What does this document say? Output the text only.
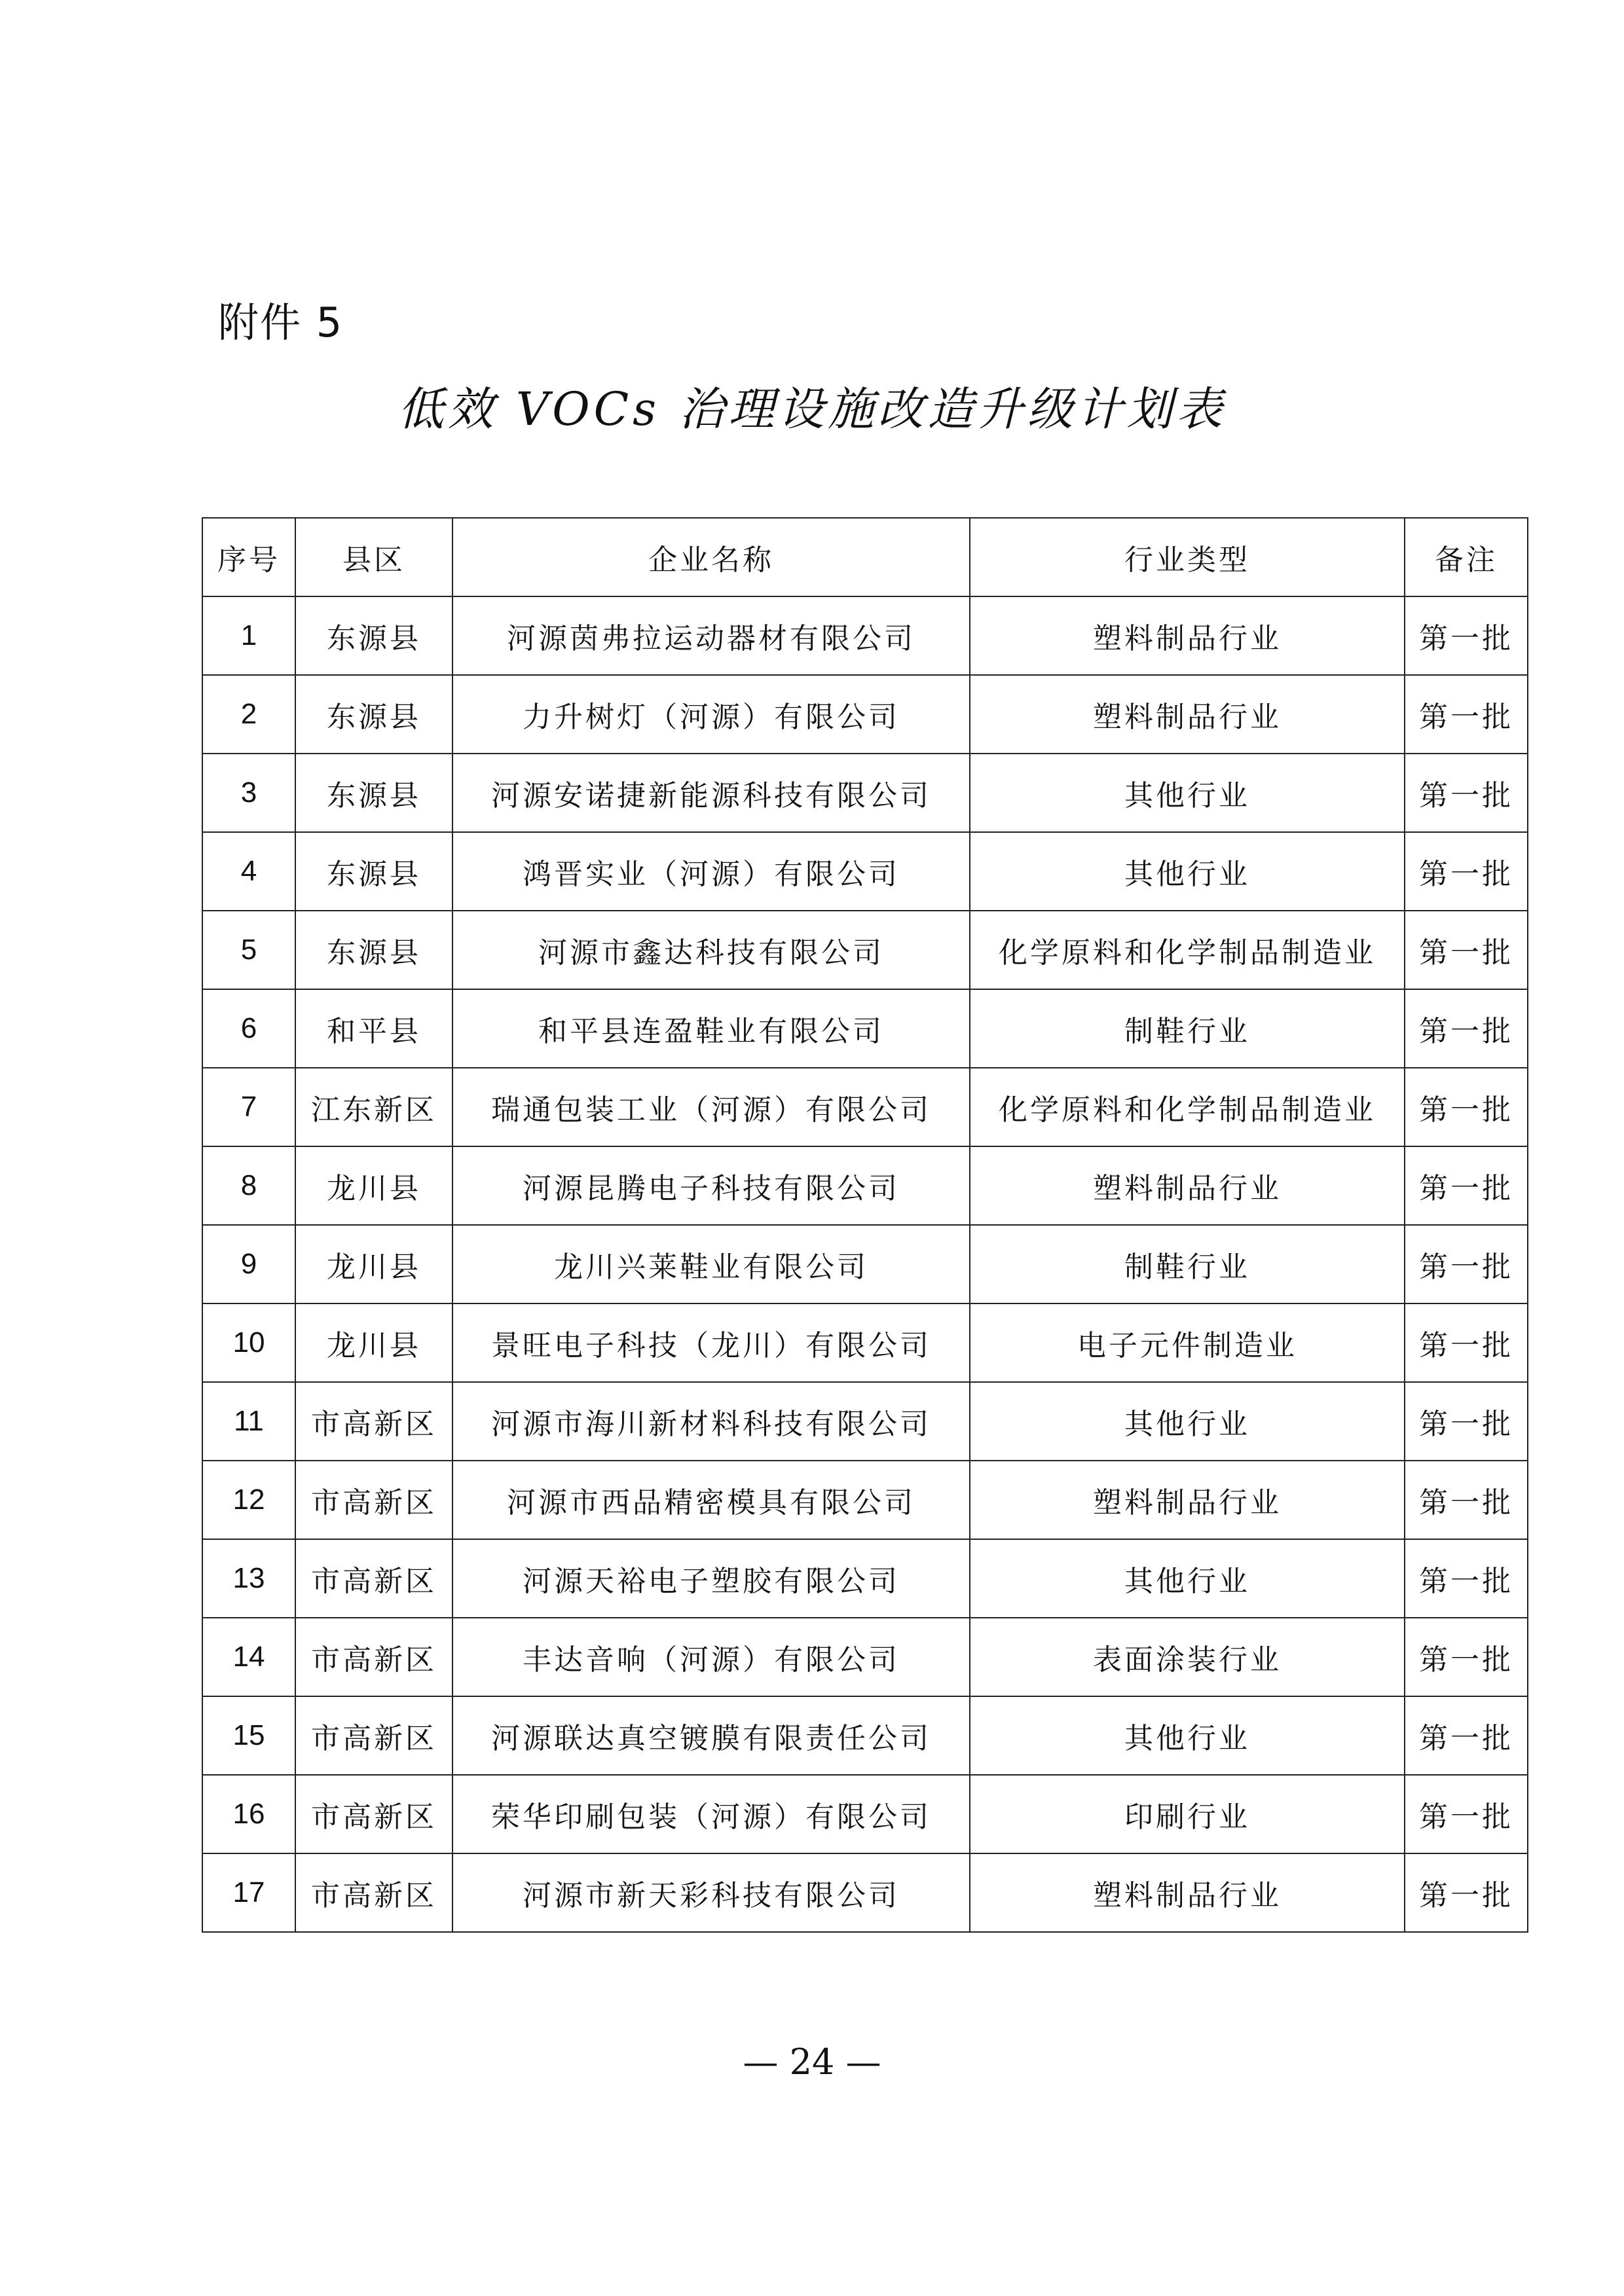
附件 5
低效 VOCs 治理设施改造升级计划表
序号	县区	企业名称	行业类型	备注
1	东源县	河源茵弗拉运动器材有限公司	塑料制品行业	第一批
2	东源县	力升树灯（河源）有限公司	塑料制品行业	第一批
3	东源县	河源安诺捷新能源科技有限公司	其他行业	第一批
4	东源县	鸿晋实业（河源）有限公司	其他行业	第一批
5	东源县	河源市鑫达科技有限公司	化学原料和化学制品制造业	第一批
6	和平县	和平县连盈鞋业有限公司	制鞋行业	第一批
7	江东新区	瑞通包装工业（河源）有限公司	化学原料和化学制品制造业	第一批
8	龙川县	河源昆腾电子科技有限公司	塑料制品行业	第一批
9	龙川县	龙川兴莱鞋业有限公司	制鞋行业	第一批
10	龙川县	景旺电子科技（龙川）有限公司	电子元件制造业	第一批
11	市高新区	河源市海川新材料科技有限公司	其他行业	第一批
12	市高新区	河源市西品精密模具有限公司	塑料制品行业	第一批
13	市高新区	河源天裕电子塑胶有限公司	其他行业	第一批
14	市高新区	丰达音响（河源）有限公司	表面涂装行业	第一批
15	市高新区	河源联达真空镀膜有限责任公司	其他行业	第一批
16	市高新区	荣华印刷包装（河源）有限公司	印刷行业	第一批
17	市高新区	河源市新天彩科技有限公司	塑料制品行业	第一批
— 24 —
